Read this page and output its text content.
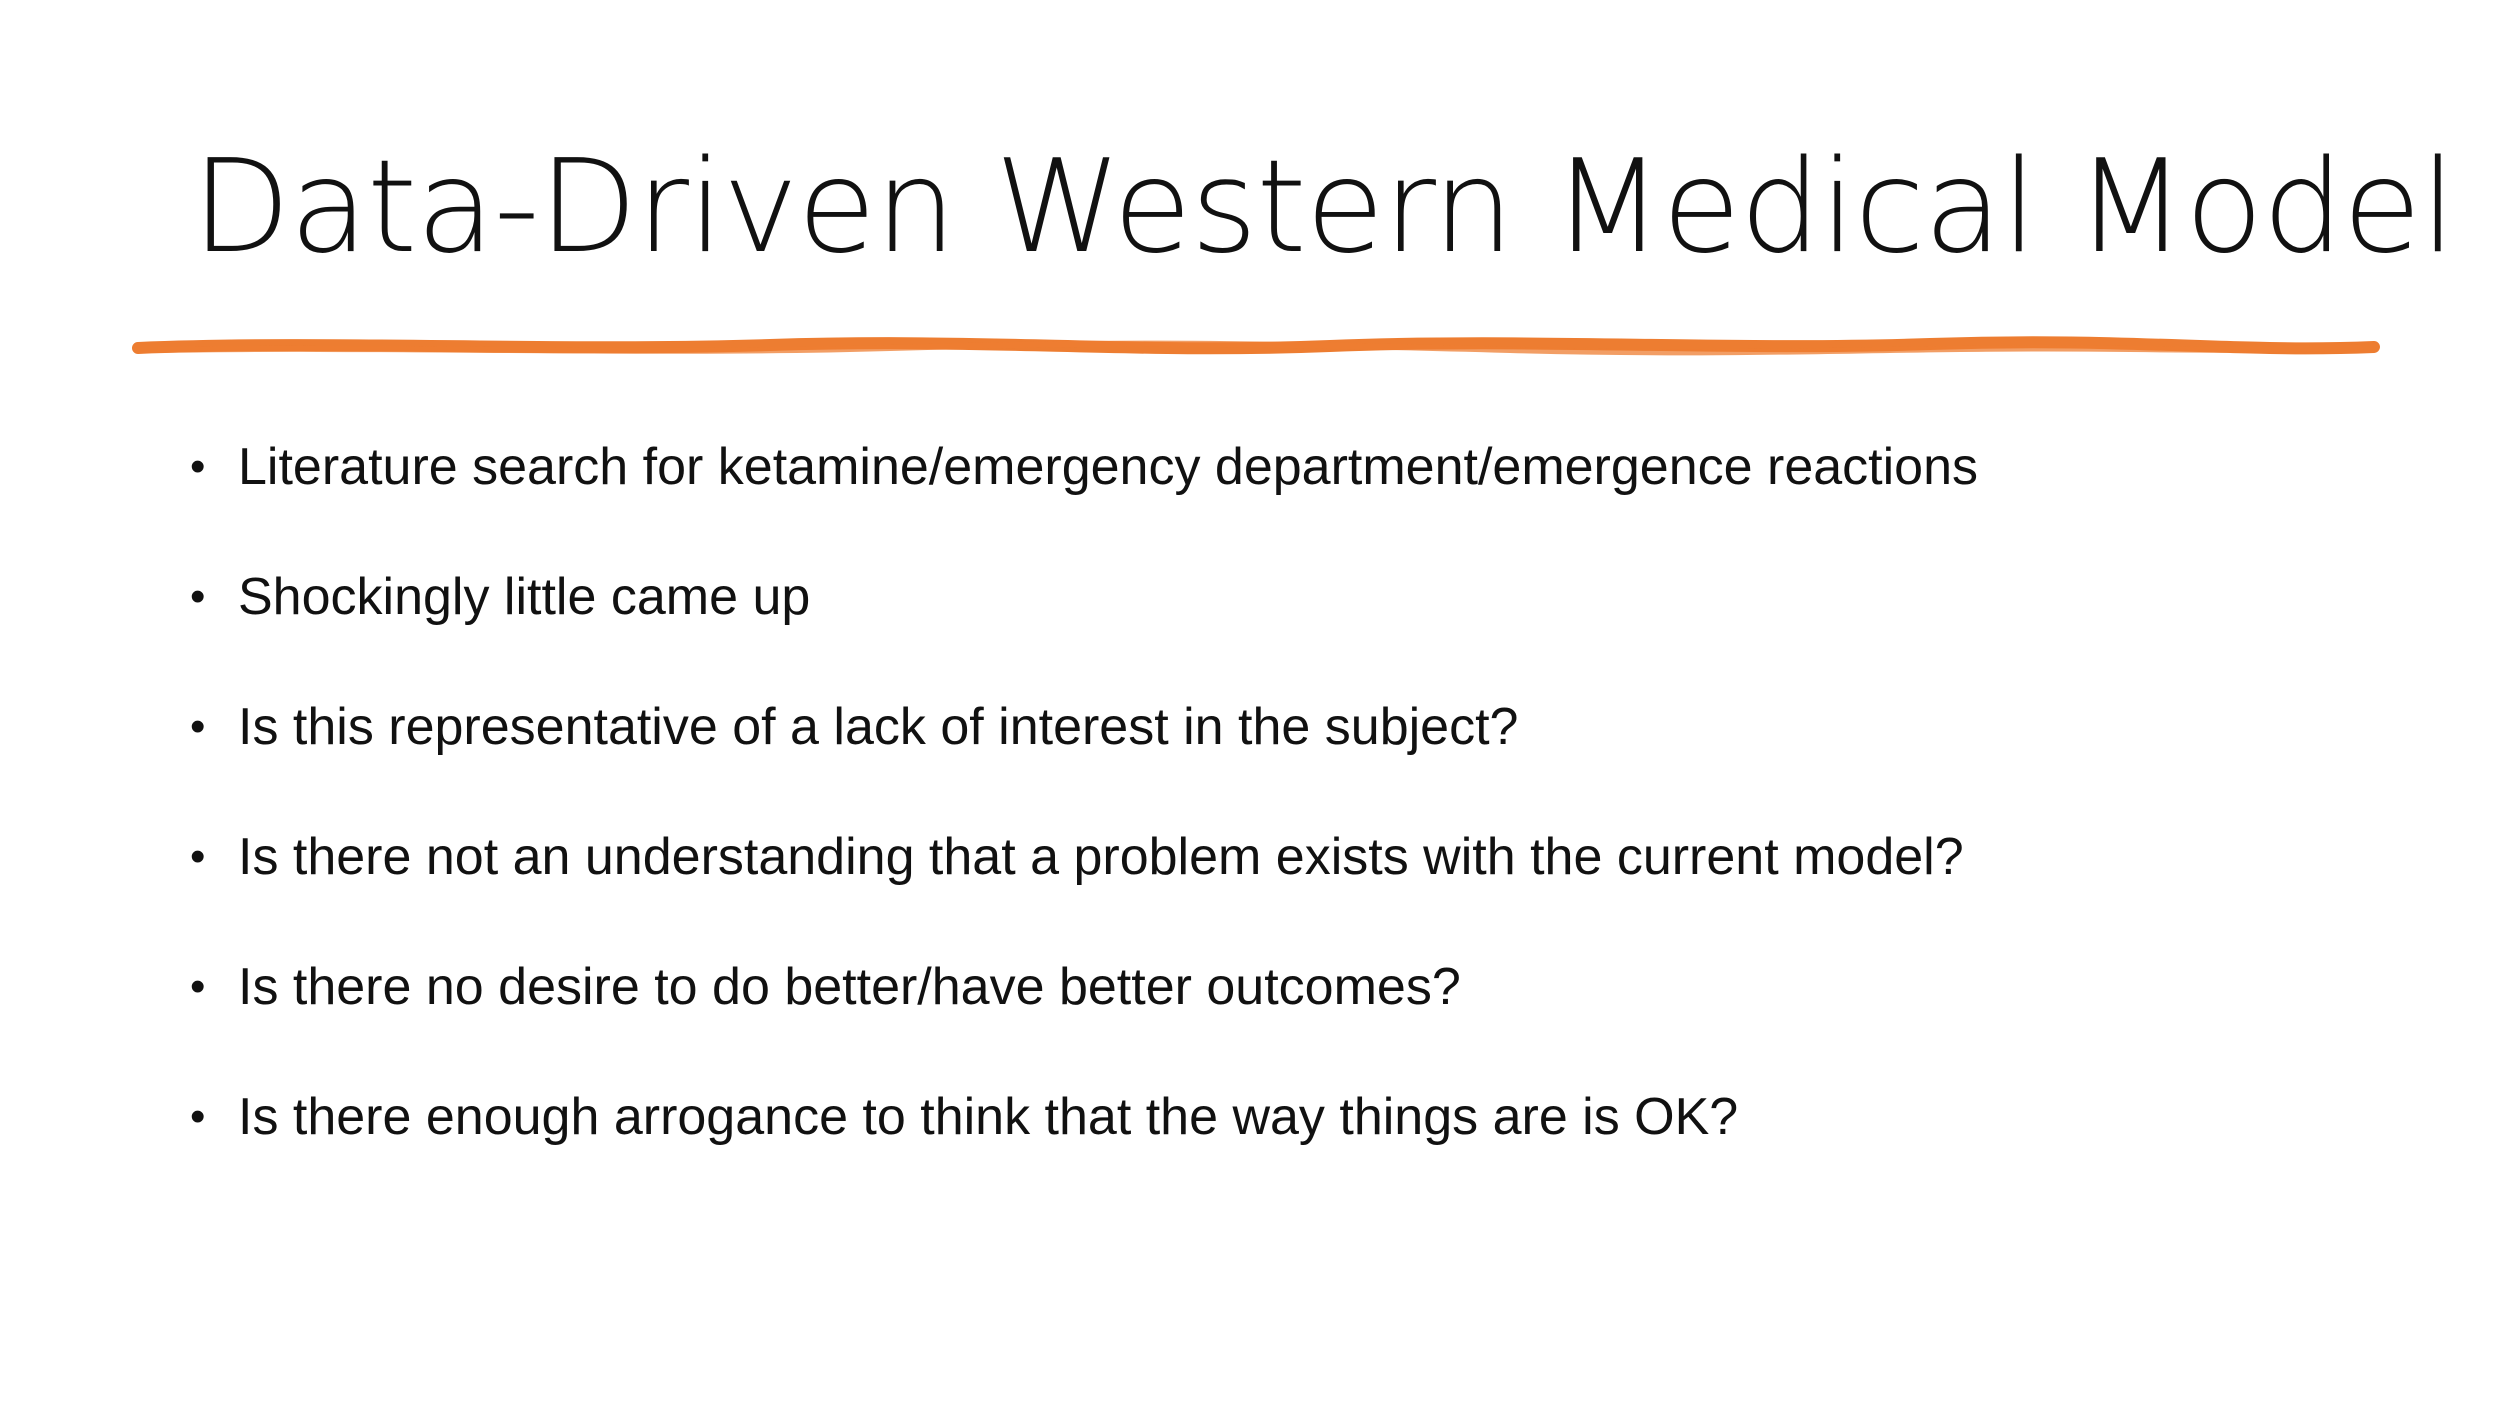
Data-Driven Western Medical Model
• Literature search for ketamine/emergency department/emergence reactions
• Shockingly little came up
• Is this representative of a lack of interest in the subject?
• Is there not an understanding that a problem exists with the current model?
• Is there no desire to do better/have better outcomes?
• Is there enough arrogance to think that the way things are is OK?
